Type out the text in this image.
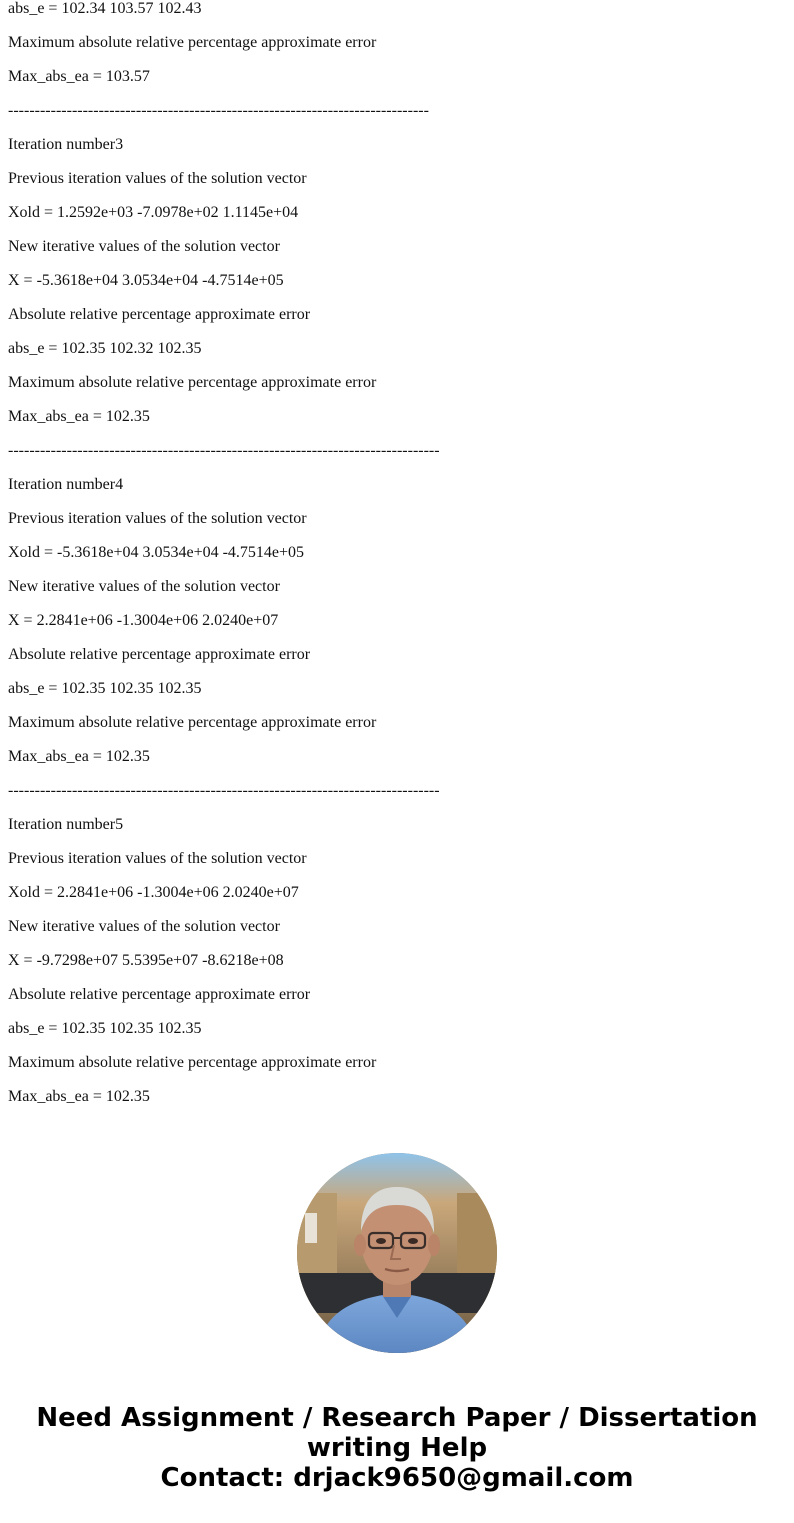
abs_e = 102.34 103.57 102.43

Maximum absolute relative percentage approximate error

Max_abs_ea = 103.57

-------------------------------------------------------------------------------

Iteration number3

Previous iteration values of the solution vector

Xold = 1.2592e+03 -7.0978e+02 1.1145e+04

New iterative values of the solution vector

X = -5.3618e+04 3.0534e+04 -4.7514e+05

Absolute relative percentage approximate error

abs_e = 102.35 102.32 102.35

Maximum absolute relative percentage approximate error

Max_abs_ea = 102.35

---------------------------------------------------------------------------------

Iteration number4

Previous iteration values of the solution vector

Xold = -5.3618e+04 3.0534e+04 -4.7514e+05

New iterative values of the solution vector

X = 2.2841e+06 -1.3004e+06 2.0240e+07

Absolute relative percentage approximate error

abs_e = 102.35 102.35 102.35

Maximum absolute relative percentage approximate error

Max_abs_ea = 102.35

---------------------------------------------------------------------------------

Iteration number5

Previous iteration values of the solution vector

Xold = 2.2841e+06 -1.3004e+06 2.0240e+07

New iterative values of the solution vector

X = -9.7298e+07 5.5395e+07 -8.6218e+08

Absolute relative percentage approximate error

abs_e = 102.35 102.35 102.35

Maximum absolute relative percentage approximate error

Max_abs_ea = 102.35

Need Assignment / Research Paper / Dissertation
writing Help
Contact: drjack9650@gmail.com
